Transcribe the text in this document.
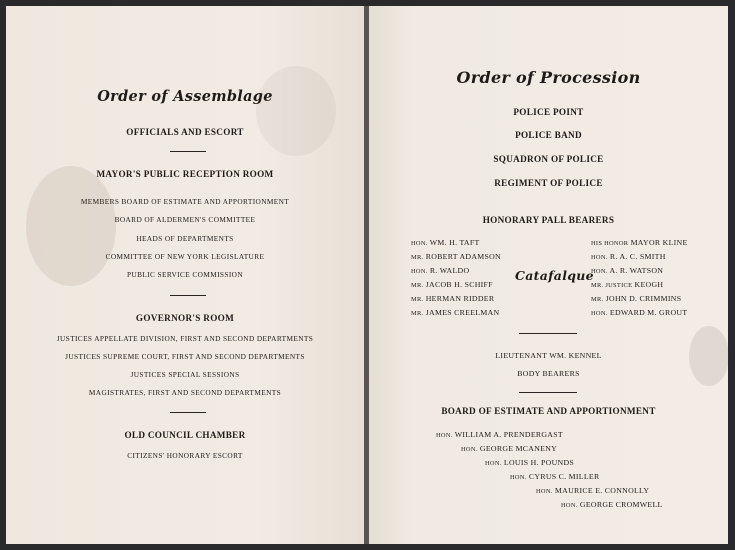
Order of Assemblage
OFFICIALS AND ESCORT
MAYOR'S PUBLIC RECEPTION ROOM
MEMBERS BOARD OF ESTIMATE AND APPORTIONMENT
BOARD OF ALDERMEN'S COMMITTEE
HEADS OF DEPARTMENTS
COMMITTEE OF NEW YORK LEGISLATURE
PUBLIC SERVICE COMMISSION
GOVERNOR'S ROOM
JUSTICES APPELLATE DIVISION, FIRST AND SECOND DEPARTMENTS
JUSTICES SUPREME COURT, FIRST AND SECOND DEPARTMENTS
JUSTICES SPECIAL SESSIONS
MAGISTRATES, FIRST AND SECOND DEPARTMENTS
OLD COUNCIL CHAMBER
CITIZENS' HONORARY ESCORT
Order of Procession
POLICE POINT
POLICE BAND
SQUADRON OF POLICE
REGIMENT OF POLICE
HONORARY PALL BEARERS
HON. WM. H. TAFT
MR. ROBERT ADAMSON
HON. R. WALDO
MR. JACOB H. SCHIFF
MR. HERMAN RIDDER
MR. JAMES CREELMAN
Catafalque
HIS HONOR MAYOR KLINE
HON. R. A. C. SMITH
HON. A. R. WATSON
MR. JUSTICE KEOGH
MR. JOHN D. CRIMMINS
HON. EDWARD M. GROUT
LIEUTENANT WM. KENNEL
BODY BEARERS
BOARD OF ESTIMATE AND APPORTIONMENT
HON. WILLIAM A. PRENDERGAST
HON. GEORGE MCANENY
HON. LOUIS H. POUNDS
HON. CYRUS C. MILLER
HON. MAURICE E. CONNOLLY
HON. GEORGE CROMWELL
